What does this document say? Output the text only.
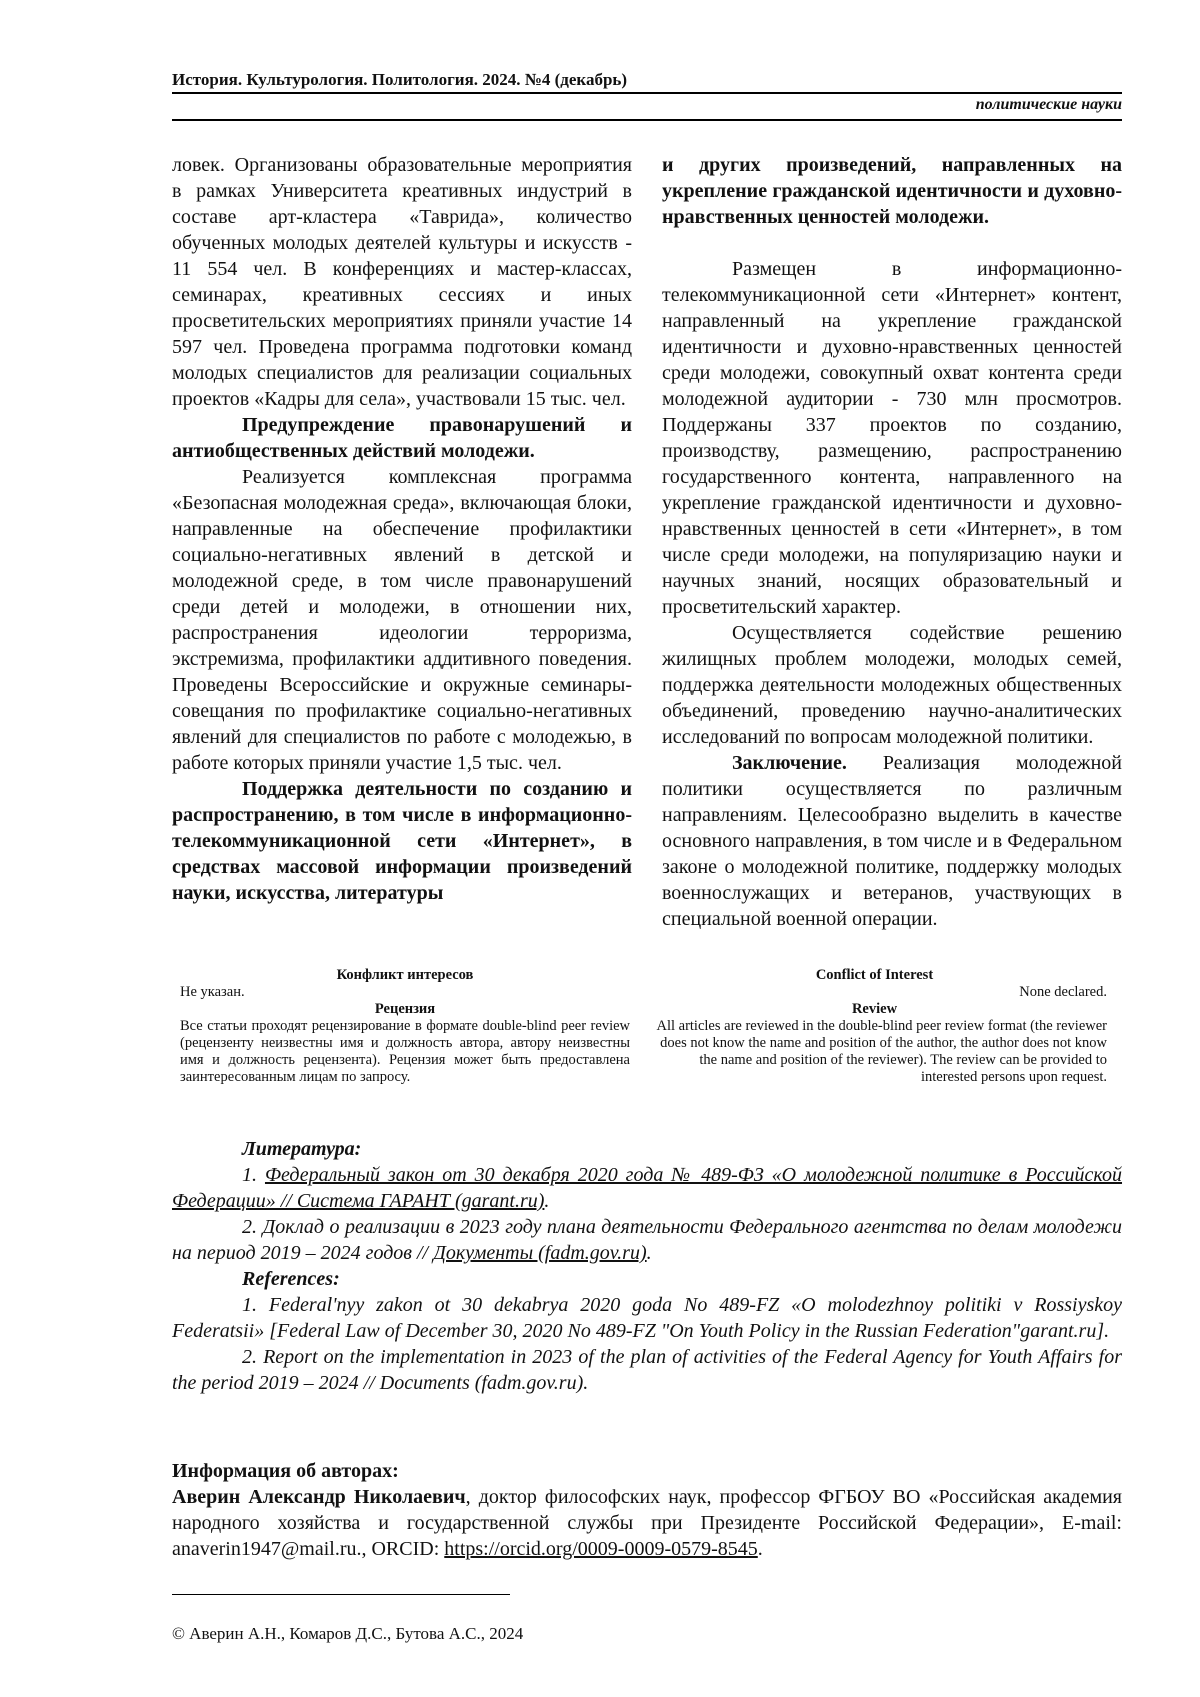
История. Культурология. Политология. 2024. №4 (декабрь)
политические науки

ловек. Организованы образовательные мероприятия в рамках Университета креативных индустрий в составе арт-кластера «Таврида», количество обученных молодых деятелей культуры и искусств - 11 554 чел. В конференциях и мастер-классах, семинарах, креативных сессиях и иных просветительских мероприятиях приняли участие 14 597 чел. Проведена программа подготовки команд молодых специалистов для реализации социальных проектов «Кадры для села», участвовали 15 тыс. чел.

Предупреждение правонарушений и антиобщественных действий молодежи.

Реализуется комплексная программа «Безопасная молодежная среда», включающая блоки, направленные на обеспечение профилактики социально-негативных явлений в детской и молодежной среде, в том числе правонарушений среди детей и молодежи, в отношении них, распространения идеологии терроризма, экстремизма, профилактики аддитивного поведения. Проведены Всероссийские и окружные семинары-совещания по профилактике социально-негативных явлений для специалистов по работе с молодежью, в работе которых приняли участие 1,5 тыс. чел.

Поддержка деятельности по созданию и распространению, в том числе в информационно-телекоммуникационной сети «Интернет», в средствах массовой информации произведений науки, искусства, литературы

и других произведений, направленных на укрепление гражданской идентичности и духовно-нравственных ценностей молодежи.

Размещен в информационно-телекоммуникационной сети «Интернет» контент, направленный на укрепление гражданской идентичности и духовно-нравственных ценностей среди молодежи, совокупный охват контента среди молодежной аудитории - 730 млн просмотров. Поддержаны 337 проектов по созданию, производству, размещению, распространению государственного контента, направленного на укрепление гражданской идентичности и духовно-нравственных ценностей в сети «Интернет», в том числе среди молодежи, на популяризацию науки и научных знаний, носящих образовательный и просветительский характер.

Осуществляется содействие решению жилищных проблем молодежи, молодых семей, поддержка деятельности молодежных общественных объединений, проведению научно-аналитических исследований по вопросам молодежной политики.

Заключение. Реализация молодежной политики осуществляется по различным направлениям. Целесообразно выделить в качестве основного направления, в том числе и в Федеральном законе о молодежной политике, поддержку молодых военнослужащих и ветеранов, участвующих в специальной военной операции.

Конфликт интересов

Не указан.

Рецензия

Все статьи проходят рецензирование в формате double-blind peer review (рецензенту неизвестны имя и должность автора, автору неизвестны имя и должность рецензента). Рецензия может быть предоставлена заинтересованным лицам по запросу.

Conflict of Interest

None declared.

Review

All articles are reviewed in the double-blind peer review format (the reviewer does not know the name and position of the author, the author does not know the name and position of the reviewer). The review can be provided to interested persons upon request.

Литература:

1. Федеральный закон от 30 декабря 2020 года № 489-ФЗ «О молодежной политике в Российской Федерации» // Система ГАРАНТ (garant.ru).

2. Доклад о реализации в 2023 году плана деятельности Федерального агентства по делам молодежи на период 2019 – 2024 годов // Документы (fadm.gov.ru).

References:

1. Federal'nyy zakon ot 30 dekabrya 2020 goda No 489-FZ «O molodezhnoy politiki v Rossiyskoy Federatsii» [Federal Law of December 30, 2020 No 489-FZ "On Youth Policy in the Russian Federation"garant.ru].

2. Report on the implementation in 2023 of the plan of activities of the Federal Agency for Youth Affairs for the period 2019 – 2024 // Documents (fadm.gov.ru).

Информация об авторах:

Аверин Александр Николаевич, доктор философских наук, профессор ФГБОУ ВО «Российская академия народного хозяйства и государственной службы при Президенте Российской Федерации», E-mail: anaverin1947@mail.ru., ORCID: https://orcid.org/0009-0009-0579-8545.

© Аверин А.Н., Комаров Д.С., Бутова А.С., 2024
